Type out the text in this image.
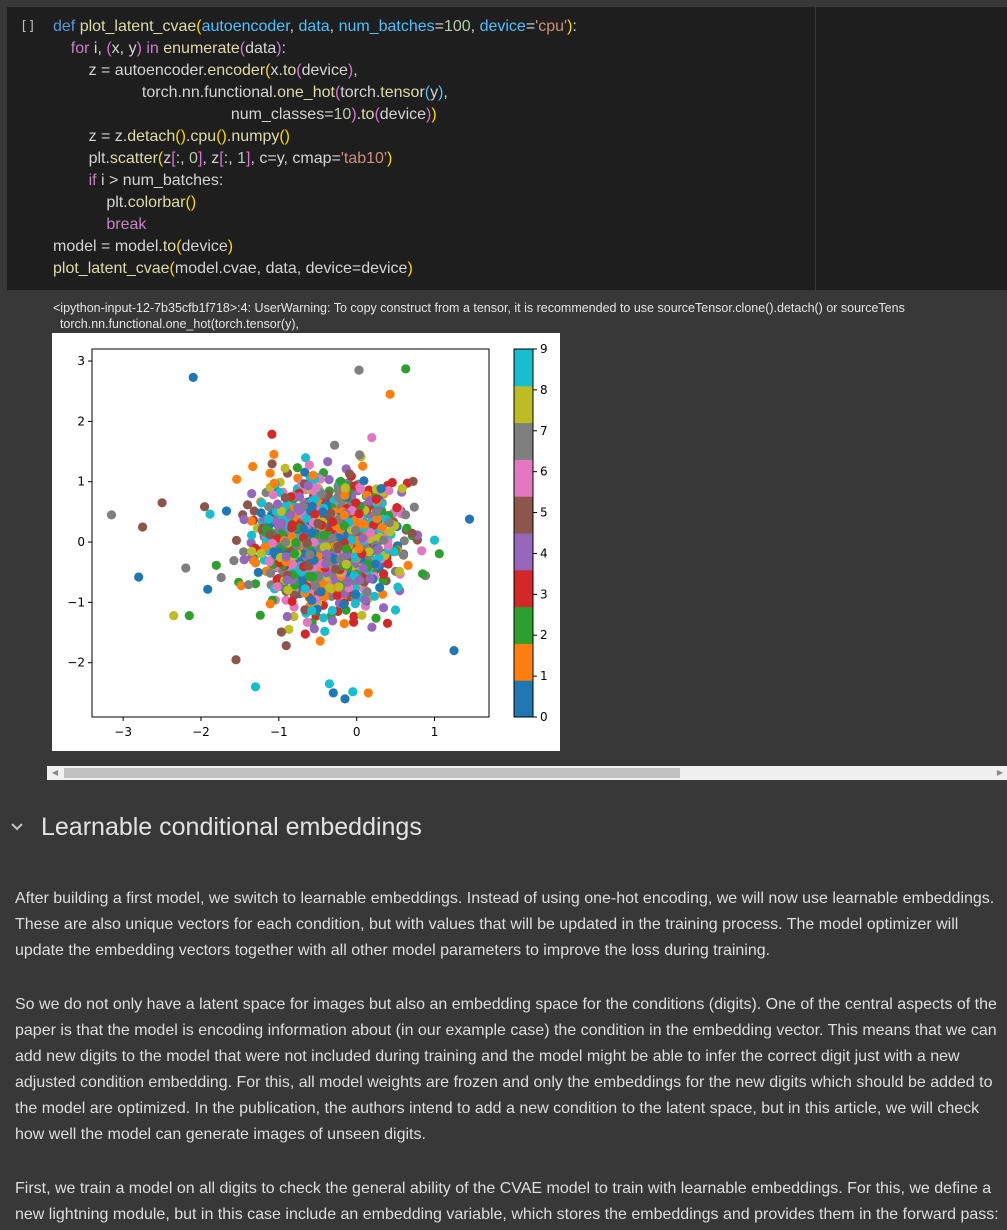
[]	def plot_latent_cvae(autoencoder, data, num_batches=100, device='cpu'):
for i, (x, y) in enumerate(data):
z = autoencoder.encoder(x.to(device),
torch.nn.functional.one_hot(torch.tensor(y),
num_classes=10).to(device))
z = z.detach().cpu().numpy()
plt.scatter(z[:, 0], z[:, 1], c=y, cmap='tab10')
if i > num_batches:
plt.colorbar()
break
model = model.to(device)
plot_latent_cvae(model.cvae, data, device=device)
<ipython-input-12-7b35cfb1f718>:4: UserWarning: To copy construct from a tensor, it is recommended to use sourceTensor.clone().detach() or sourceTens
torch.nn.functional.one_hot(torch.tensor(y),
−3	−2	−1	0	1
−2
−1
0
1
2
3
0
1
2
3
4
5
6
7
8
9
◀	▶
Learnable conditional embeddings

After building a first model, we switch to learnable embeddings. Instead of using one-hot encoding, we will now use learnable embeddings. These are also unique vectors for each condition, but with values that will be updated in the training process. The model optimizer will update the embedding vectors together with all other model parameters to improve the loss during training.

So we do not only have a latent space for images but also an embedding space for the conditions (digits). One of the central aspects of the paper is that the model is encoding information about (in our example case) the condition in the embedding vector. This means that we can add new digits to the model that were not included during training and the model might be able to infer the correct digit just with a new adjusted condition embedding. For this, all model weights are frozen and only the embeddings for the new digits which should be added to the model are optimized. In the publication, the authors intend to add a new condition to the latent space, but in this article, we will check how well the model can generate images of unseen digits.

First, we train a model on all digits to check the general ability of the CVAE model to train with learnable embeddings. For this, we define a new lightning module, but in this case include an embedding variable, which stores the embeddings and provides them in the forward pass:
